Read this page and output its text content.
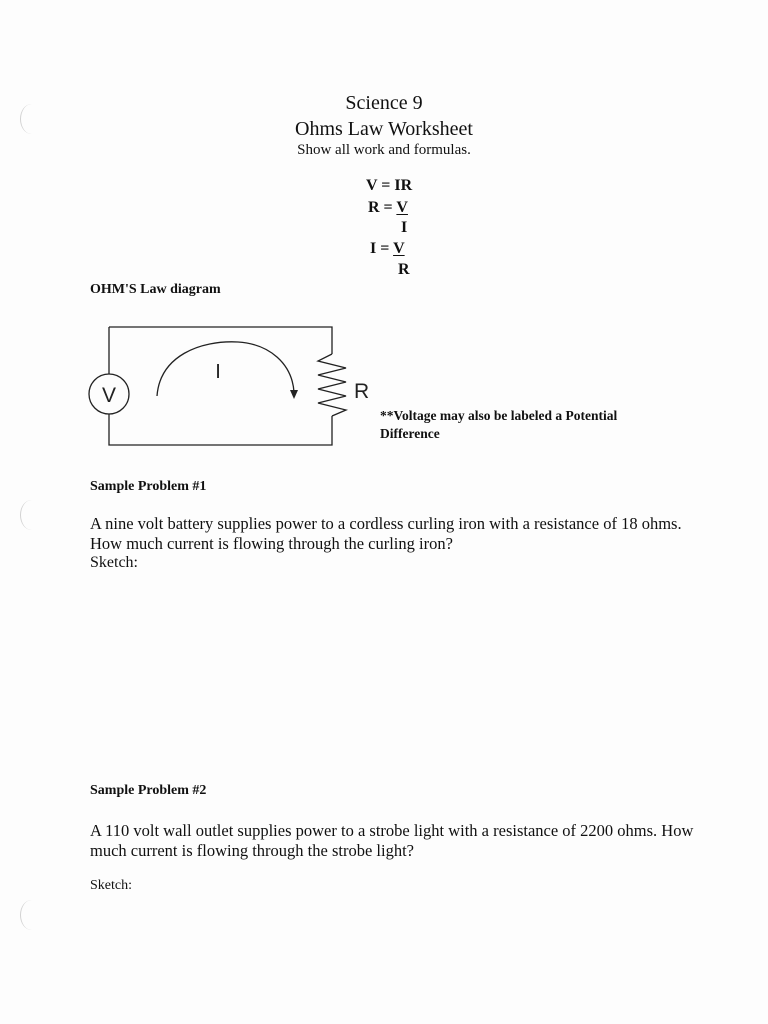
Science 9
Ohms Law Worksheet
Show all work and formulas.
V = IR
R = V
I
I = V
R
OHM'S Law diagram
V
I
R
**Voltage may also be labeled a Potential Difference
Sample Problem #1
A nine volt battery supplies power to a cordless curling iron with a resistance of 18 ohms. How much current is flowing through the curling iron?
Sketch:
Sample Problem #2
A 110 volt wall outlet supplies power to a strobe light with a resistance of 2200 ohms. How much current is flowing through the strobe light?
Sketch:
